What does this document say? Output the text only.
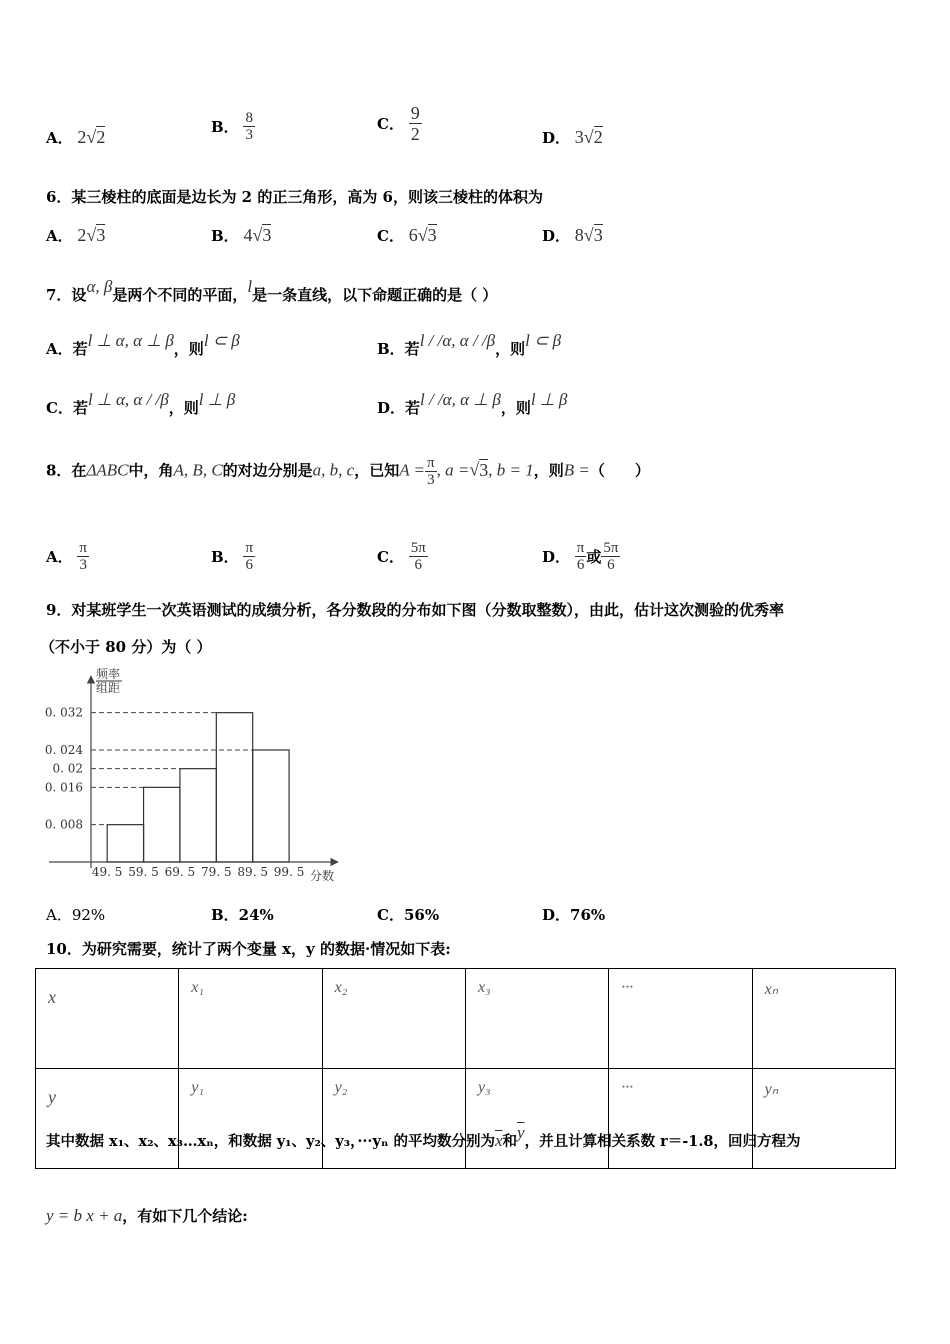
A． 2√2	B． $\frac{8}{3}$	C． $\frac{9}{2}$	D． 3√2
6．某三棱柱的底面是边长为 2 的正三角形，高为 6，则该三棱柱的体积为
A． 2√3	B． 4√3	C． 6√3	D． 8√3
7．设α, β是两个不同的平面，l是一条直线，以下命题正确的是（ ）
A．若l ⊥ α, α ⊥ β，则l ⊂ β	B．若l / /α, α / /β，则l ⊂ β
C．若l ⊥ α, α / /β，则l ⊥ β	D．若l / /α, α ⊥ β，则l ⊥ β
8．在ΔABC中，角A, B, C的对边分别是a, b, c，已知$A = \frac{\pi}{3}$ , a =√3, b = 1，则B =（　　）
A． $\frac{\pi}{3}$	B． $\frac{\pi}{6}$	C． $\frac{5\pi}{6}$	D． $\frac{\pi}{6}$ 或 $\frac{5\pi}{6}$
9．对某班学生一次英语测试的成绩分析，各分数段的分布如下图（分数取整数），由此，估计这次测验的优秀率
（不小于 80 分）为（ ）
0. 032
0. 024
0. 02
0. 016
0. 008
49. 5 59. 5 69. 5 79. 5 89. 5 99. 5
频率
组距
分数
A．92%	B．24%	C．56%	D．76%
10．为研究需要，统计了两个变量 x，y 的数据·情况如下表:
x	x₁	x₂	x₃	···	xₙ
y	y₁	y₂	y₃	···	yₙ
其中数据 x₁、x₂、x₃…xₙ，和数据 y₁、y₂、y₃，···yₙ 的平均数分别为$\overline{x}$和$\overline{y}$，并且计算相关系数 r＝-1.8，回归方程为
y = b x + a，有如下几个结论:
